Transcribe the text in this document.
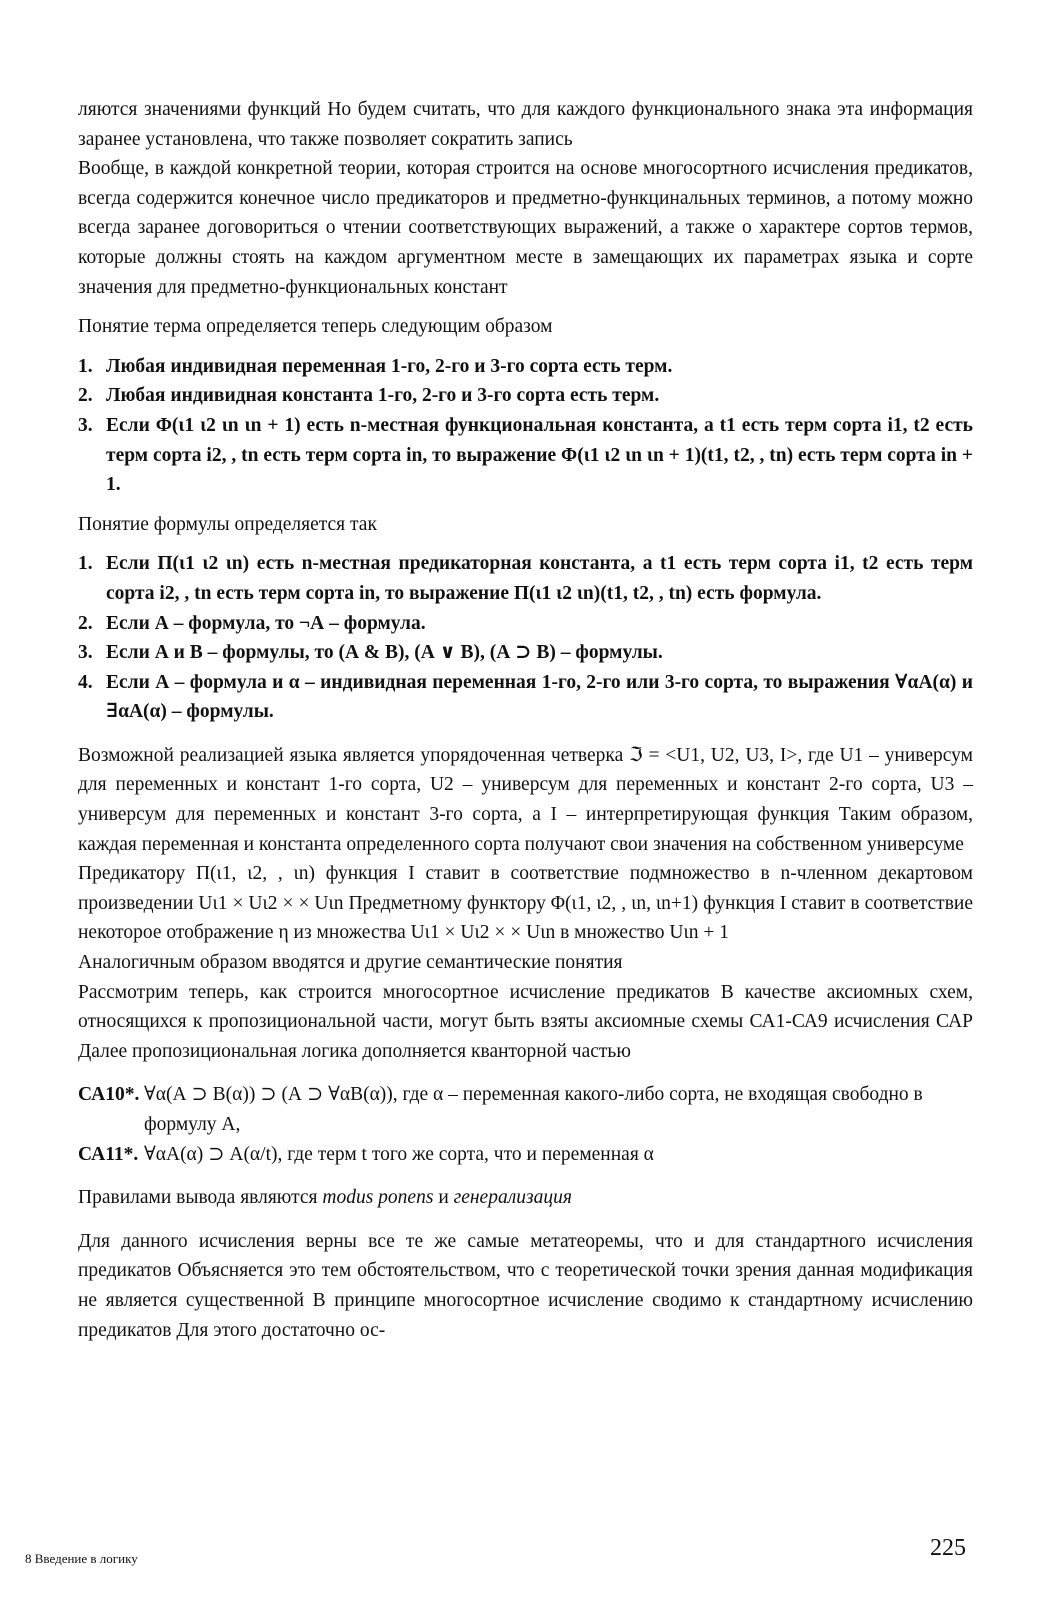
ляются значениями функций Но будем считать, что для каждого функционального знака эта информация заранее установлена, что также позволяет сократить запись

Вообще, в каждой конкретной теории, которая строится на основе многосортного исчисления предикатов, всегда содержится конечное число предикаторов и предметно-функцинальных терминов, а потому можно всегда заранее договориться о чтении соответствующих выражений, а также о характере сортов термов, которые должны стоять на каждом аргументном месте в замещающих их параметрах языка и сорте значения для предметно-функциональных констант

Понятие терма определяется теперь следующим образом

1. Любая индивидная переменная 1-го, 2-го и 3-го сорта есть терм.
2. Любая индивидная константа 1-го, 2-го и 3-го сорта есть терм.
3. Если Φ(ι1 ι2 ιn ιn + 1) есть n-местная функциональная константа, а t1 есть терм сорта i1, t2 есть терм сорта i2, , tn есть терм сорта in, то выражение Φ(ι1 ι2 ιn ιn + 1)(t1, t2, , tn) есть терм сорта in + 1.

Понятие формулы определяется так

1. Если Π(ι1 ι2 ιn) есть n-местная предикаторная константа, а t1 есть терм сорта i1, t2 есть терм сорта i2, , tn есть терм сорта in, то выражение Π(ι1 ι2 ιn)(t1, t2, , tn) есть формула.
2. Если А – формула, то ¬А – формула.
3. Если А и В – формулы, то (А & В), (А ∨ В), (А ⊃ В) – формулы.
4. Если А – формула и α – индивидная переменная 1-го, 2-го или 3-го сорта, то выражения ∀αА(α) и ∃αА(α) – формулы.

Возможной реализацией языка является упорядоченная четверка ℑ = <U1, U2, U3, I>, где U1 – универсум для переменных и констант 1-го сорта, U2 – универсум для переменных и констант 2-го сорта, U3 – универсум для переменных и констант 3-го сорта, а I – интерпретирующая функция Таким образом, каждая переменная и константа определенного сорта получают свои значения на собственном универсуме

Предикатору Π(ι1, ι2, , ιn) функция I ставит в соответствие подмножество в n-членном декартовом произведении Uι1 × Uι2 × × Uιn Предметному функтору Φ(ι1, ι2, , ιn, ιn+1) функция I ставит в соответствие некоторое отображение η из множества Uι1 × Uι2 × × Uιn в множество Uιn + 1

Аналогичным образом вводятся и другие семантические понятия

Рассмотрим теперь, как строится многосортное исчисление предикатов В качестве аксиомных схем, относящихся к пропозициональной части, могут быть взяты аксиомные схемы СА1-СА9 исчисления САР Далее пропозициональная логика дополняется кванторной частью

СА10*. ∀α(А ⊃ В(α)) ⊃ (А ⊃ ∀αВ(α)), где α – переменная какого-либо сорта, не входящая свободно в формулу А,
СА11*. ∀αА(α) ⊃ А(α/t), где терм t того же сорта, что и переменная α

Правилами вывода являются modus ponens и генерализация

Для данного исчисления верны все те же самые метатеоремы, что и для стандартного исчисления предикатов Объясняется это тем обстоятельством, что с теоретической точки зрения данная модификация не является существенной В принципе многосортное исчисление сводимо к стандартному исчислению предикатов Для этого достаточно ос-

8 Введение в логику	225
